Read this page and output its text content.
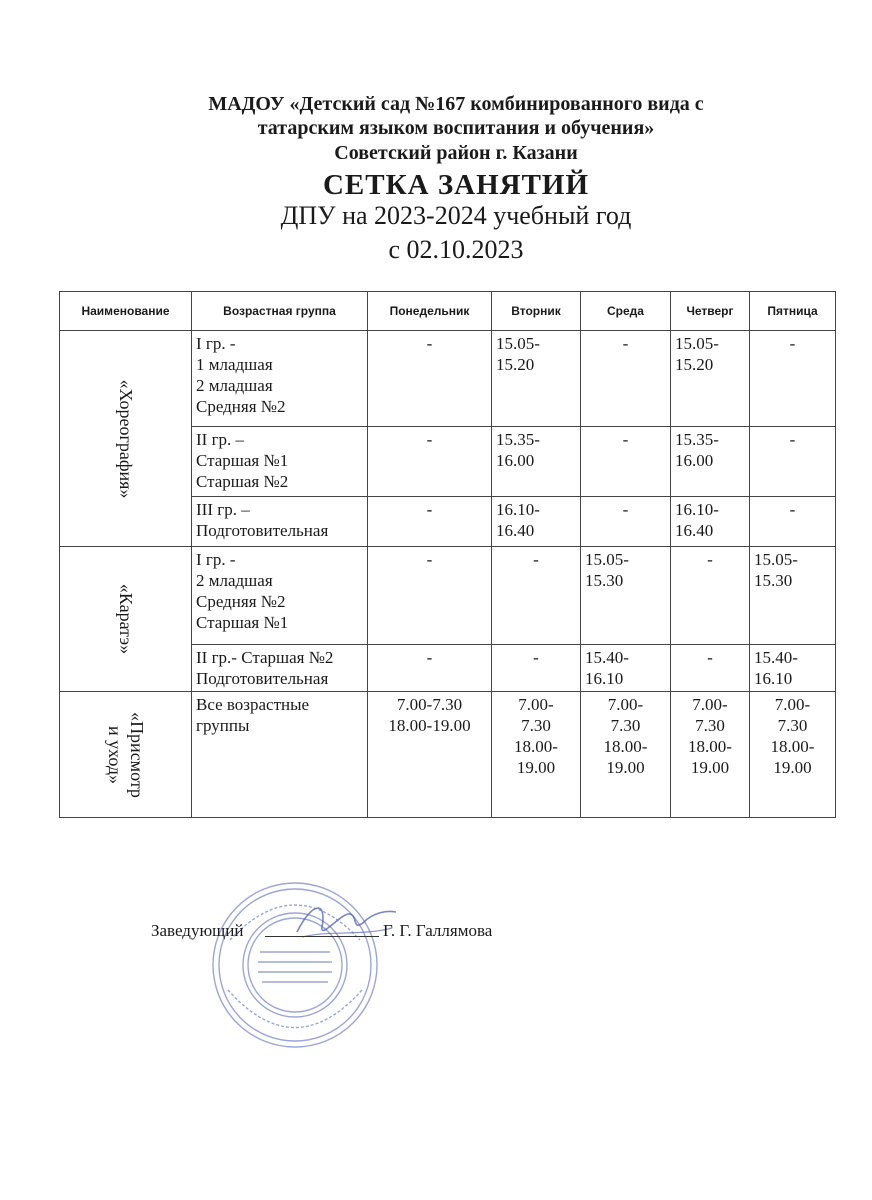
МАДОУ «Детский сад №167 комбинированного вида с
татарским языком воспитания и обучения»
Советский район г. Казани
СЕТКА ЗАНЯТИЙ
ДПУ на 2023-2024 учебный год
с 02.10.2023
Наименование	Возрастная группа	Понедельник	Вторник	Среда	Четверг	Пятница

«Хореография»	I гр. -
1 младшая
2 младшая
Средняя №2	-	15.05-
15.20	-	15.05-
15.20	-

	II гр. –
Старшая №1
Старшая №2	-	15.35-
16.00	-	15.35-
16.00	-

	III гр. –
Подготовительная	-	16.10-
16.40	-	16.10-
16.40	-

«Каратэ»	I гр. -
2 младшая
Средняя №2
Старшая №1	-	-	15.05-
15.30	-	15.05-
15.30

	II гр.- Старшая №2
Подготовительная	-	-	15.40-
16.10	-	15.40-
16.10

«Присмотр
и уход»	Все возрастные
группы	7.00-7.30
18.00-19.00	7.00-
7.30
18.00-
19.00	7.00-
7.30
18.00-
19.00	7.00-
7.30
18.00-
19.00	7.00-
7.30
18.00-
19.00
Заведующий	Г. Г. Галлямова
